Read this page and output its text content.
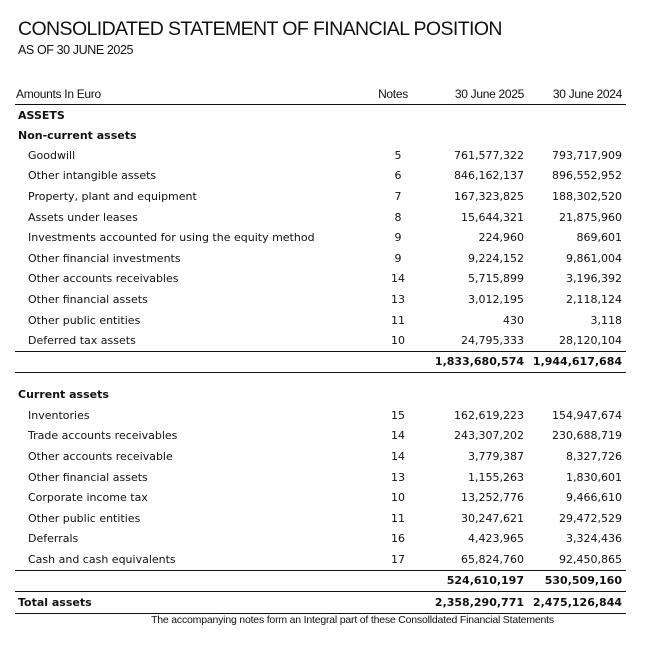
CONSOLIDATED STATEMENT OF FINANCIAL POSITION
AS OF 30 JUNE 2025
Amounts In Euro	Notes	30 June 2025 30 June 2024
ASSETS
Non-current assets
Goodwill	5	761,577,322	793,717,909
Other intangible assets	6	846,162,137	896,552,952
Property, plant and equipment	7	167,323,825	188,302,520
Assets under leases	8	15,644,321	21,875,960
Investments accounted for using the equity method	9	224,960	869,601
Other financial investments	9	9,224,152	9,861,004
Other accounts receivables	14	5,715,899	3,196,392
Other financial assets	13	3,012,195	2,118,124
Other public entities	11	430	3,118
Deferred tax assets	10	24,795,333	28,120,104
1,833,680,574 1,944,617,684
Current assets
Inventories	15	162,619,223	154,947,674
Trade accounts receivables	14	243,307,202	230,688,719
Other accounts receivable	14	3,779,387	8,327,726
Other financial assets	13	1,155,263	1,830,601
Corporate income tax	10	13,252,776	9,466,610
Other public entities	11	30,247,621	29,472,529
Deferrals	16	4,423,965	3,324,436
Cash and cash equivalents	17	65,824,760	92,450,865
524,610,197 530,509,160
Total assets	2,358,290,771 2,475,126,844
The accompanying notes form an Integral part of these Consolldated Financial Statements
